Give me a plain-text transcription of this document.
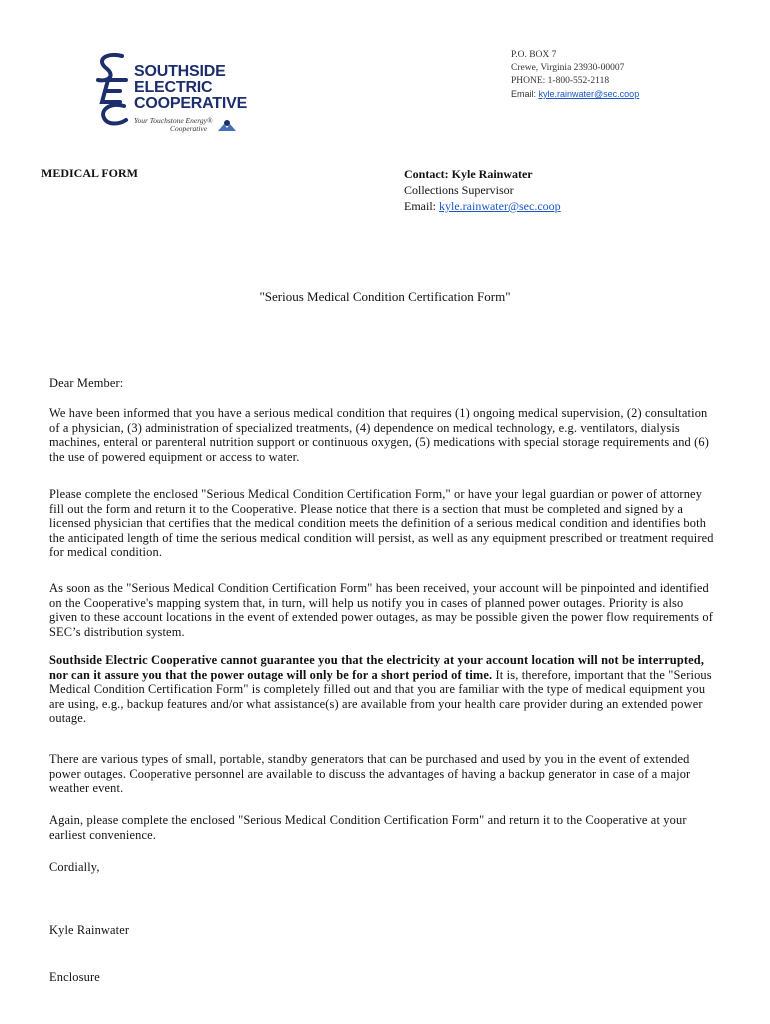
SOUTHSIDE
ELECTRIC
COOPERATIVE
Your Touchstone Energy®
Cooperative
P.O. BOX 7
Crewe, Virginia 23930-00007
PHONE: 1-800-552-2118
Email: kyle.rainwater@sec.coop
MEDICAL FORM	Contact: Kyle Rainwater
Collections Supervisor
Email: kyle.rainwater@sec.coop
"Serious Medical Condition Certification Form"
Dear Member:
We have been informed that you have a serious medical condition that requires (1) ongoing medical supervision, (2) consultation of a physician, (3) administration of specialized treatments, (4) dependence on medical technology, e.g. ventilators, dialysis machines, enteral or parenteral nutrition support or continuous oxygen, (5) medications with special storage requirements and (6) the use of powered equipment or access to water.
Please complete the enclosed "Serious Medical Condition Certification Form," or have your legal guardian or power of attorney fill out the form and return it to the Cooperative. Please notice that there is a section that must be completed and signed by a licensed physician that certifies that the medical condition meets the definition of a serious medical condition and identifies both the anticipated length of time the serious medical condition will persist, as well as any equipment prescribed or treatment required for medical condition.
As soon as the "Serious Medical Condition Certification Form" has been received, your account will be pinpointed and identified on the Cooperative's mapping system that, in turn, will help us notify you in cases of planned power outages. Priority is also given to these account locations in the event of extended power outages, as may be possible given the power flow requirements of SEC’s distribution system.
Southside Electric Cooperative cannot guarantee you that the electricity at your account location will not be interrupted, nor can it assure you that the power outage will only be for a short period of time. It is, therefore, important that the "Serious Medical Condition Certification Form" is completely filled out and that you are familiar with the type of medical equipment you are using, e.g., backup features and/or what assistance(s) are available from your health care provider during an extended power outage.
There are various types of small, portable, standby generators that can be purchased and used by you in the event of extended power outages. Cooperative personnel are available to discuss the advantages of having a backup generator in case of a major weather event.
Again, please complete the enclosed "Serious Medical Condition Certification Form" and return it to the Cooperative at your earliest convenience.
Cordially,
Kyle Rainwater
Enclosure
